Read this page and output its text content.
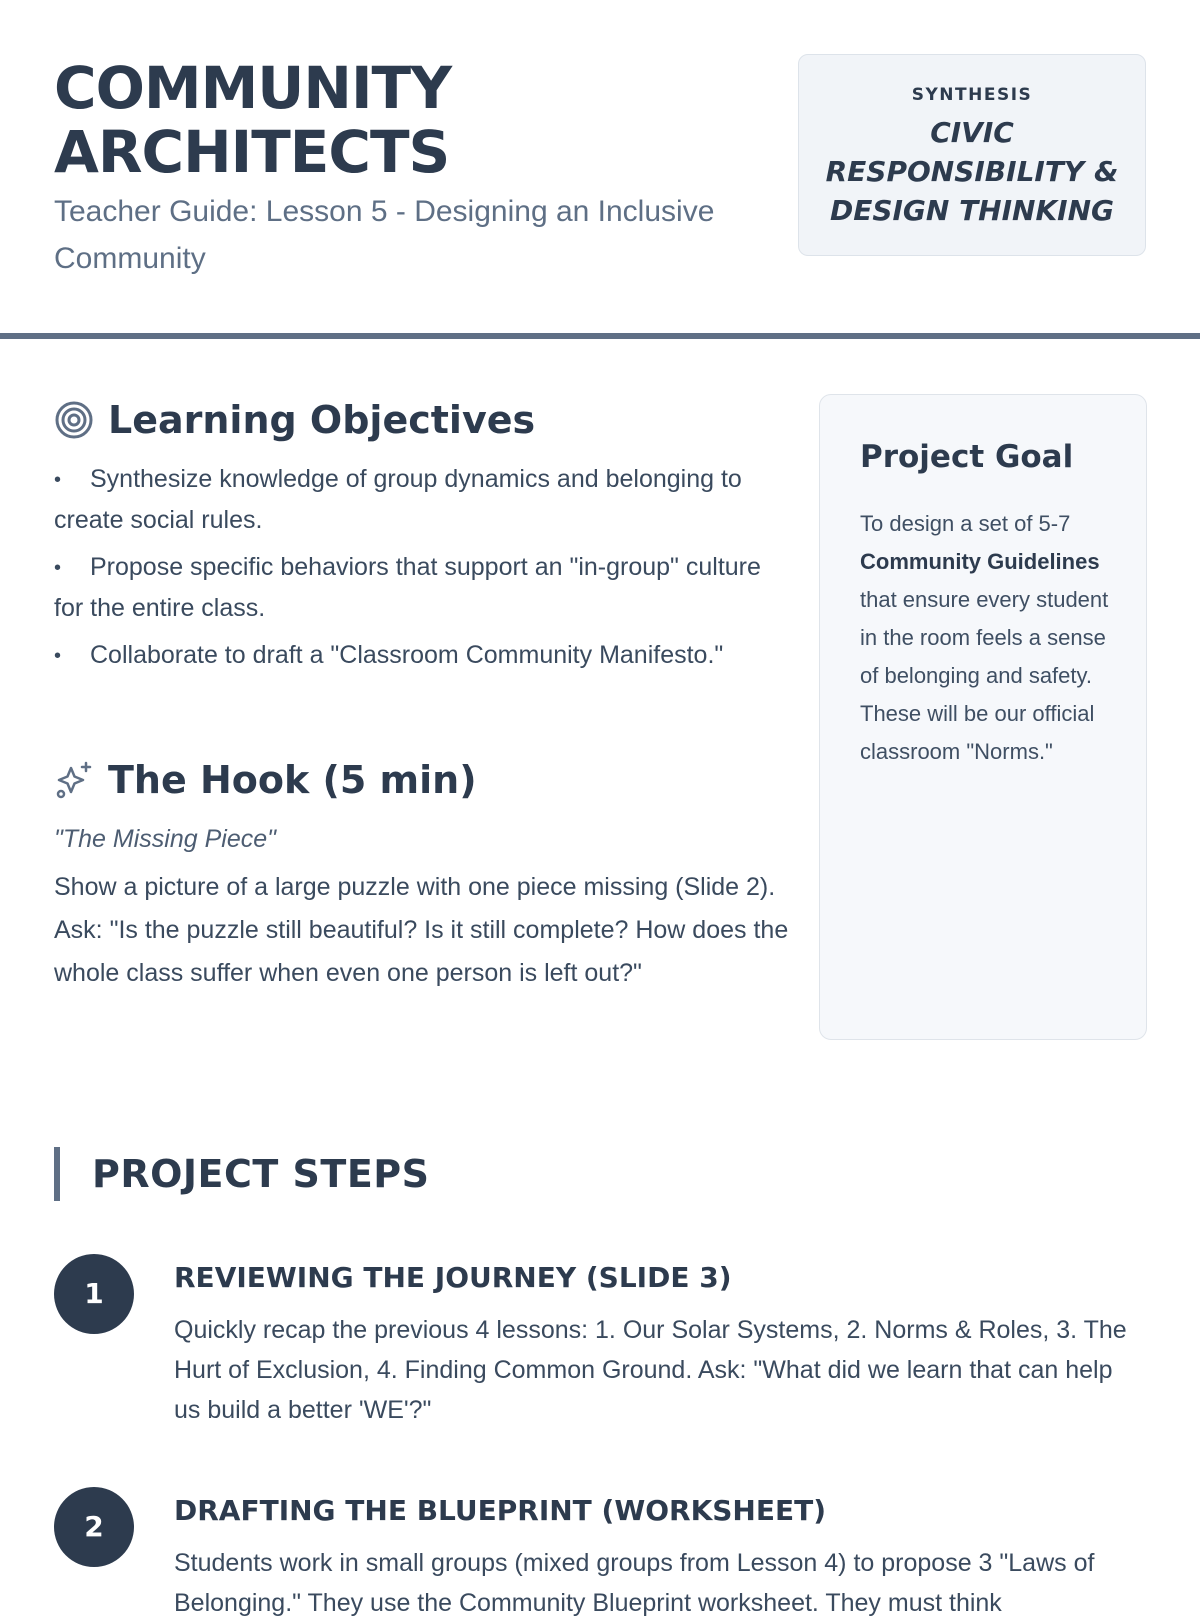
COMMUNITY
ARCHITECTS

Teacher Guide: Lesson 5 - Designing an Inclusive Community

SYNTHESIS
CIVIC RESPONSIBILITY & DESIGN THINKING
Learning Objectives
• Synthesize knowledge of group dynamics and belonging to create social rules.
• Propose specific behaviors that support an "in-group" culture for the entire class.
• Collaborate to draft a "Classroom Community Manifesto."
The Hook (5 min)

"The Missing Piece"

Show a picture of a large puzzle with one piece missing (Slide 2). Ask: "Is the puzzle still beautiful? Is it still complete? How does the whole class suffer when even one person is left out?"

Project Goal

To design a set of 5-7 Community Guidelines that ensure every student in the room feels a sense of belonging and safety. These will be our official classroom "Norms."

PROJECT STEPS
1	REVIEWING THE JOURNEY (SLIDE 3)

Quickly recap the previous 4 lessons: 1. Our Solar Systems, 2. Norms & Roles, 3. The Hurt of Exclusion, 4. Finding Common Ground. Ask: "What did we learn that can help us build a better 'WE'?"

2	DRAFTING THE BLUEPRINT (WORKSHEET)

Students work in small groups (mixed groups from Lesson 4) to propose 3 "Laws of Belonging." They use the Community Blueprint worksheet. They must think
